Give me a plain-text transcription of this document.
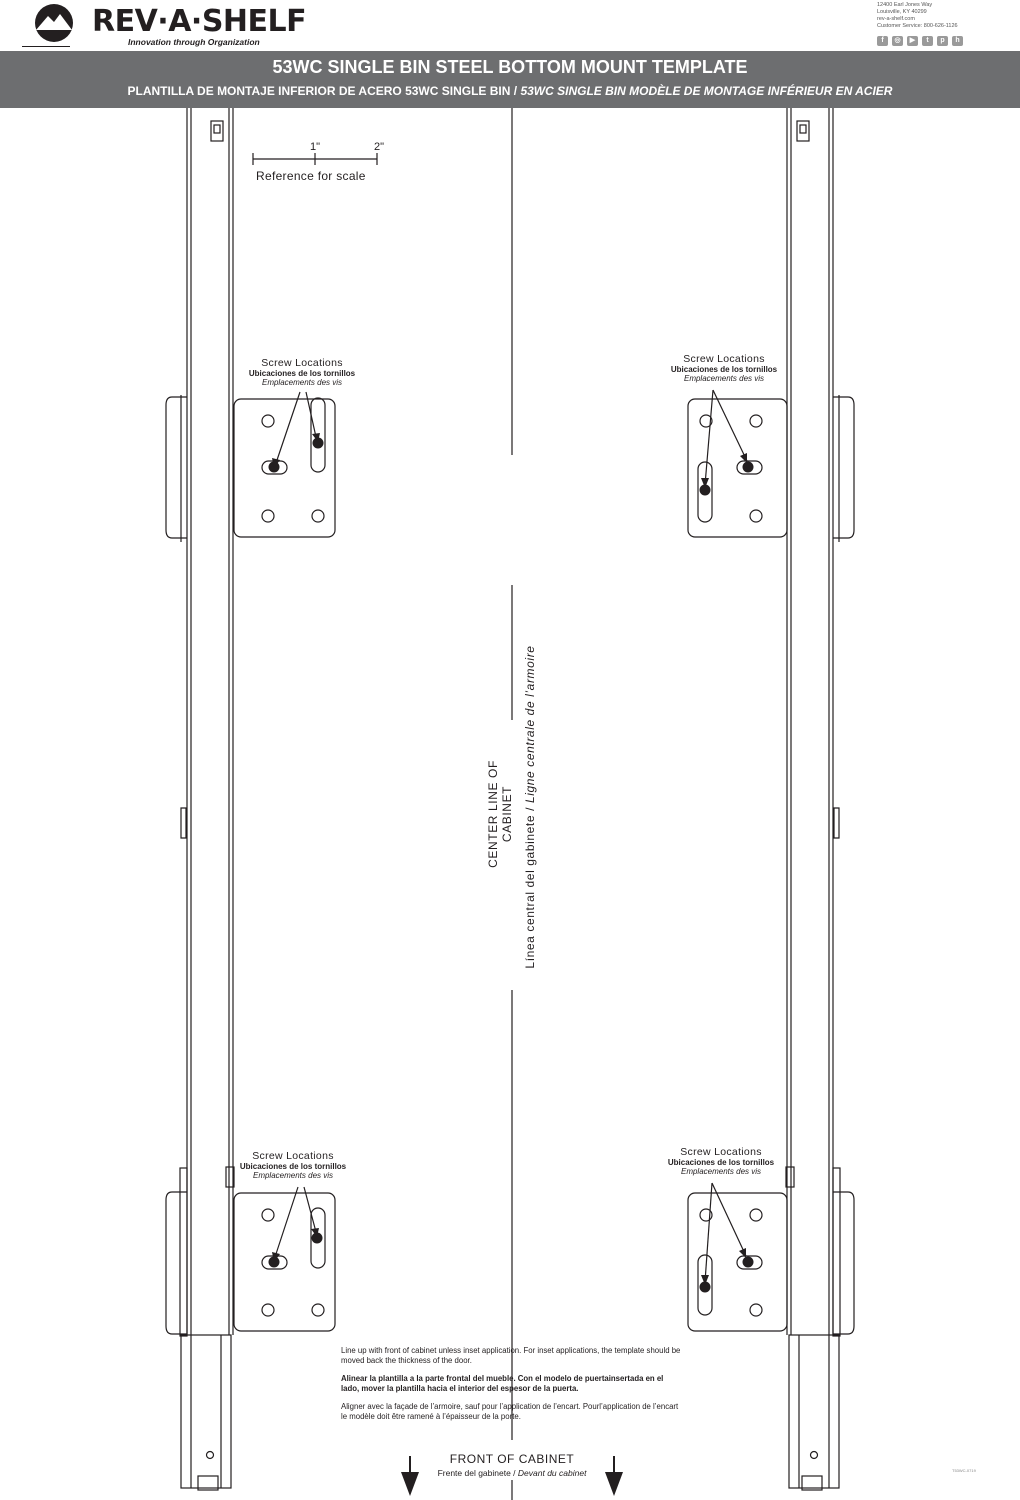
REV·A·SHELF
Innovation through Organization
12400 Earl Jones Way
Louisville, KY 40299
rev-a-shelf.com
Customer Service: 800-626-1126
f	◎	▶	t	p	h
53WC SINGLE BIN STEEL BOTTOM MOUNT TEMPLATE
PLANTILLA DE MONTAJE INFERIOR DE ACERO 53WC SINGLE BIN / 53WC SINGLE BIN MODÈLE DE MONTAGE INFÉRIEUR EN ACIER
1"	2"
Reference for scale
Screw Locations
Ubicaciones de los tornillos
Emplacements des vis
Screw Locations
Ubicaciones de los tornillos
Emplacements des vis
Screw Locations
Ubicaciones de los tornillos
Emplacements des vis
Screw Locations
Ubicaciones de los tornillos
Emplacements des vis
CENTER LINE OF CABINET
Línea central del gabinete / Ligne centrale de l’armoire

Line up with front of cabinet unless inset application. For inset applications, the template should be moved back the thickness of the door.

Alinear la plantilla a la parte frontal del mueble. Con el modelo de puertainsertada en el lado, mover la plantilla hacia el interior del espesor de la puerta.

Aligner avec la façade de l’armoire, sauf pour l’application de l’encart. Pourl’application de l’encart le modèle doit être ramené à l’épaisseur de la porte.

FRONT OF CABINET
Frente del gabinete / Devant du cabinet	T53WC-0719
